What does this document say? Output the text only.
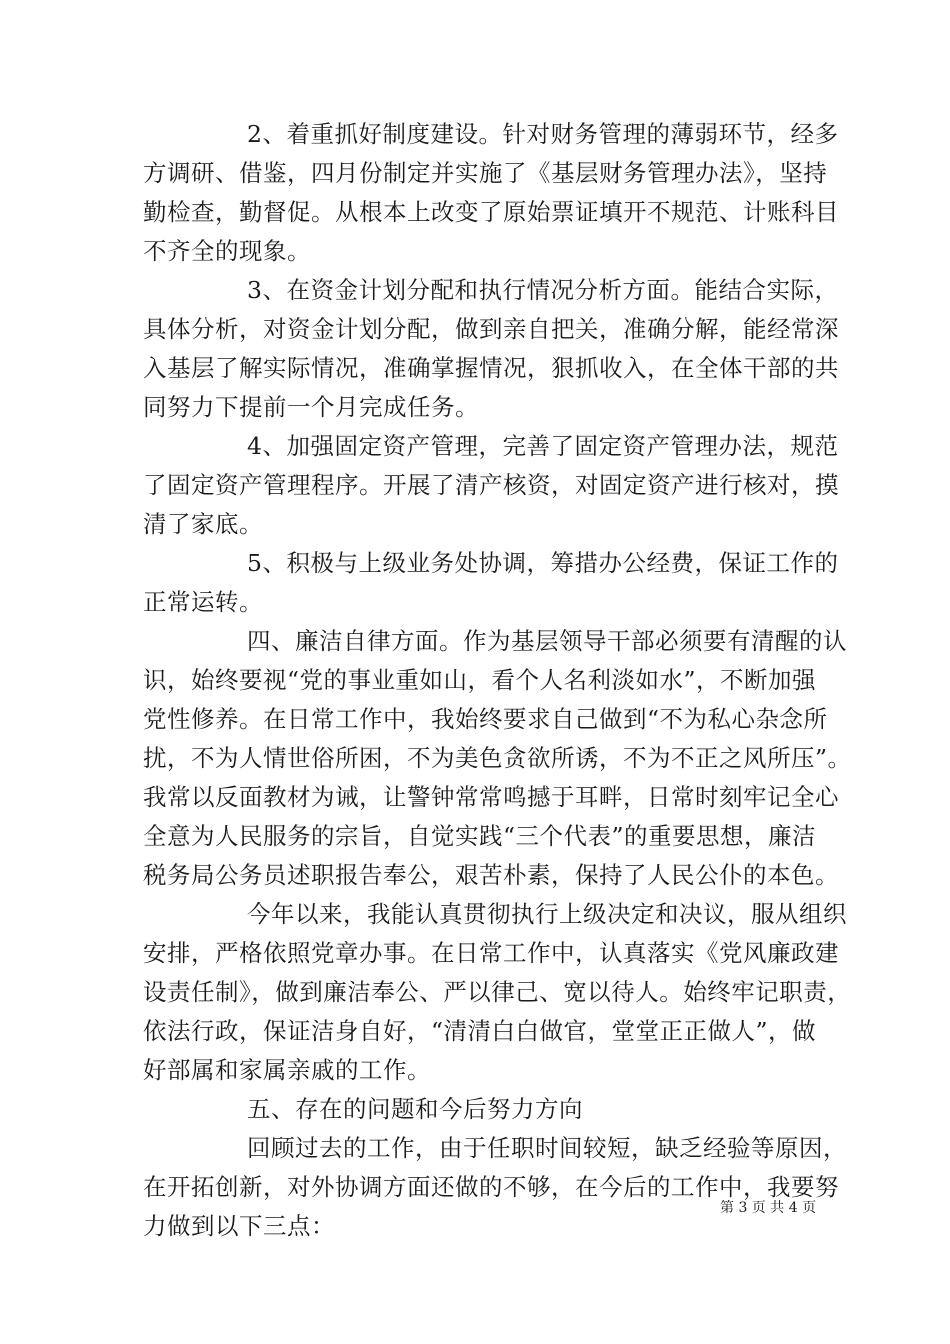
2、着重抓好制度建设。针对财务管理的薄弱环节，经多
方调研、借鉴，四月份制定并实施了《基层财务管理办法》，坚持
勤检查，勤督促。从根本上改变了原始票证填开不规范、计账科目
不齐全的现象。
3、在资金计划分配和执行情况分析方面。能结合实际，
具体分析，对资金计划分配，做到亲自把关，准确分解，能经常深
入基层了解实际情况，准确掌握情况，狠抓收入，在全体干部的共
同努力下提前一个月完成任务。
4、加强固定资产管理，完善了固定资产管理办法，规范
了固定资产管理程序。开展了清产核资，对固定资产进行核对，摸
清了家底。
5、积极与上级业务处协调，筹措办公经费，保证工作的
正常运转。
四、廉洁自律方面。作为基层领导干部必须要有清醒的认
识，始终要视“党的事业重如山，看个人名利淡如水”，不断加强
党性修养。在日常工作中，我始终要求自己做到“不为私心杂念所
扰，不为人情世俗所困，不为美色贪欲所诱，不为不正之风所压”。
我常以反面教材为诫，让警钟常常鸣撼于耳畔，日常时刻牢记全心
全意为人民服务的宗旨，自觉实践“三个代表”的重要思想，廉洁
税务局公务员述职报告奉公，艰苦朴素，保持了人民公仆的本色。
今年以来，我能认真贯彻执行上级决定和决议，服从组织
安排，严格依照党章办事。在日常工作中，认真落实《党风廉政建
设责任制》，做到廉洁奉公、严以律己、宽以待人。始终牢记职责，
依法行政，保证洁身自好，“清清白白做官，堂堂正正做人”，做
好部属和家属亲戚的工作。
五、存在的问题和今后努力方向
回顾过去的工作，由于任职时间较短，缺乏经验等原因，
在开拓创新，对外协调方面还做的不够，在今后的工作中，我要努
力做到以下三点：
第 3 页 共 4 页
